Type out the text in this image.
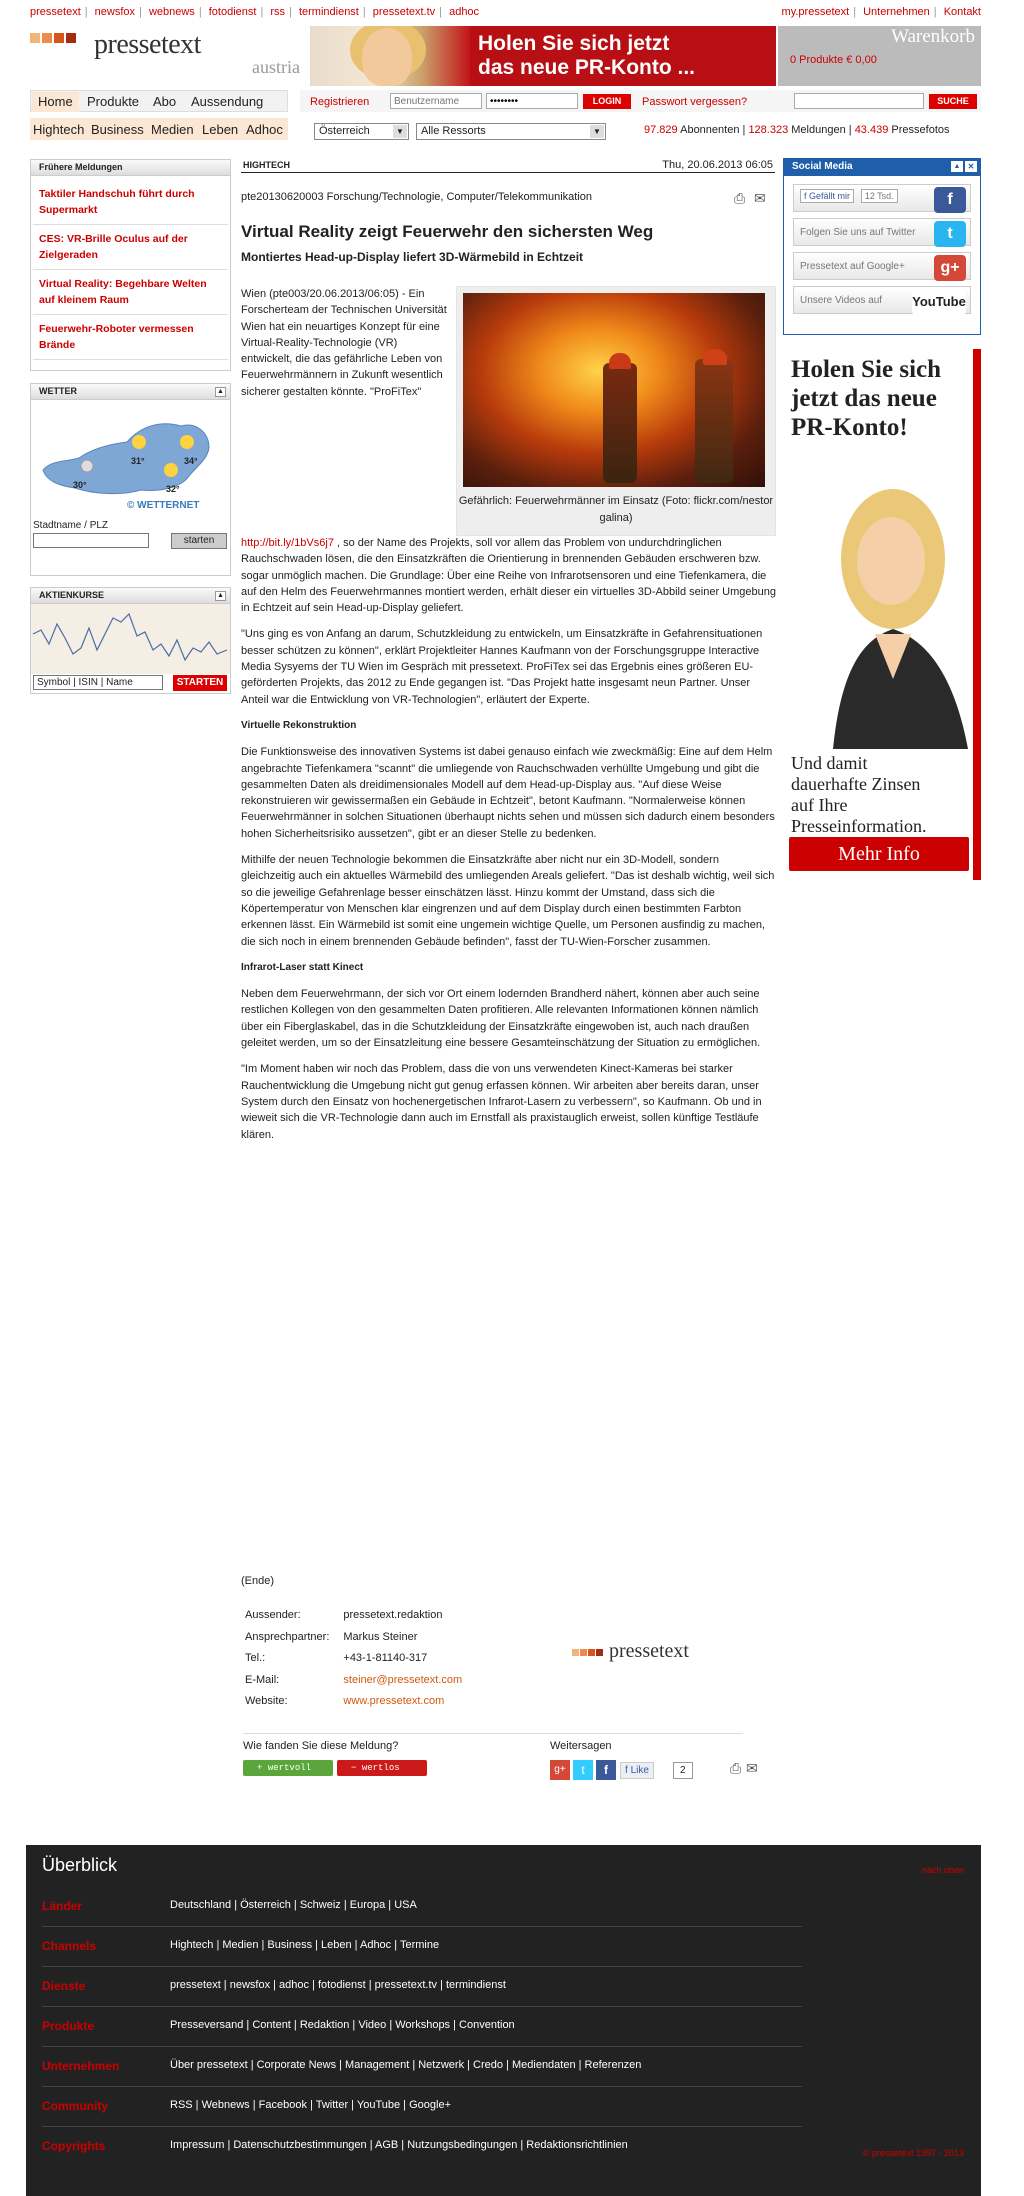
pressetext | newsfox | webnews | fotodienst | rss | termindienst | pressetext.tv | adhoc	my.pressetext | Unternehmen | Kontakt
pressetext
austria
Holen Sie sich jetzt
das neue PR-Konto ...
Warenkorb
0 Produkte € 0,00
Home	Produkte Abo Aussendung
Hightech Business Medien Leben Adhoc
Registrieren
Benutzername
••••••••	LOGIN	Passwort vergessen?	SUCHE
Österreich	▼	Alle Ressorts	▼	97.829 Abonnenten | 128.323 Meldungen | 43.439 Pressefotos
Frühere Meldungen
Taktiler Handschuh führt durch Supermarkt
CES: VR-Brille Oculus auf der Zielgeraden
Virtual Reality: Begehbare Welten auf kleinem Raum
Feuerwehr-Roboter vermessen Brände
WETTER	▲
31°	34°
30°	32°
© WETTERNET
Stadtname / PLZ
starten
AKTIENKURSE	▲
Symbol | ISIN | Name	STARTEN
HIGHTECH	Thu, 20.06.2013 06:05
pte20130620003 Forschung/Technologie, Computer/Telekommunikation	⎙ ✉
Virtual Reality zeigt Feuerwehr den sichersten Weg
Montiertes Head-up-Display liefert 3D-Wärmebild in Echtzeit
Gefährlich: Feuerwehrmänner im Einsatz (Foto: flickr.com/nestor galina)
Wien (pte003/20.06.2013/06:05) - Ein Forscherteam der Technischen Universität Wien hat ein neuartiges Konzept für eine Virtual-Reality-Technologie (VR) entwickelt, die das gefährliche Leben von Feuerwehrmännern in Zukunft wesentlich sicherer gestalten könnte. "ProFiTex"

http://bit.ly/1bVs6j7 , so der Name des Projekts, soll vor allem das Problem von undurchdringlichen Rauchschwaden lösen, die den Einsatzkräften die Orientierung in brennenden Gebäuden erschweren bzw. sogar unmöglich machen. Die Grundlage: Über eine Reihe von Infrarotsensoren und eine Tiefenkamera, die auf den Helm des Feuerwehrmannes montiert werden, erhält dieser ein virtuelles 3D-Abbild seiner Umgebung in Echtzeit auf sein Head-up-Display geliefert.

"Uns ging es von Anfang an darum, Schutzkleidung zu entwickeln, um Einsatzkräfte in Gefahrensituationen besser schützen zu können", erklärt Projektleiter Hannes Kaufmann von der Forschungsgruppe Interactive Media Sysyems der TU Wien im Gespräch mit pressetext. ProFiTex sei das Ergebnis eines größeren EU-geförderten Projekts, das 2012 zu Ende gegangen ist. "Das Projekt hatte insgesamt neun Partner. Unser Anteil war die Entwicklung von VR-Technologien", erläutert der Experte.

Virtuelle Rekonstruktion

Die Funktionsweise des innovativen Systems ist dabei genauso einfach wie zweckmäßig: Eine auf dem Helm angebrachte Tiefenkamera "scannt" die umliegende von Rauchschwaden verhüllte Umgebung und gibt die gesammelten Daten als dreidimensionales Modell auf dem Head-up-Display aus. "Auf diese Weise rekonstruieren wir gewissermaßen ein Gebäude in Echtzeit", betont Kaufmann. "Normalerweise können Feuerwehrmänner in solchen Situationen überhaupt nichts sehen und müssen sich dadurch einem besonders hohen Sicherheitsrisiko aussetzen", gibt er an dieser Stelle zu bedenken.

Mithilfe der neuen Technologie bekommen die Einsatzkräfte aber nicht nur ein 3D-Modell, sondern gleichzeitig auch ein aktuelles Wärmebild des umliegenden Areals geliefert. "Das ist deshalb wichtig, weil sich so die jeweilige Gefahrenlage besser einschätzen lässt. Hinzu kommt der Umstand, dass sich die Köpertemperatur von Menschen klar eingrenzen und auf dem Display durch einen bestimmten Farbton erkennen lässt. Ein Wärmebild ist somit eine ungemein wichtige Quelle, um Personen ausfindig zu machen, die sich noch in einem brennenden Gebäude befinden", fasst der TU-Wien-Forscher zusammen.

Infrarot-Laser statt Kinect

Neben dem Feuerwehrmann, der sich vor Ort einem lodernden Brandherd nähert, können aber auch seine restlichen Kollegen von den gesammelten Daten profitieren. Alle relevanten Informationen können nämlich über ein Fiberglaskabel, das in die Schutzkleidung der Einsatzkräfte eingewoben ist, auch nach draußen geleitet werden, um so der Einsatzleitung eine bessere Gesamteinschätzung der Situation zu ermöglichen.

"Im Moment haben wir noch das Problem, dass die von uns verwendeten Kinect-Kameras bei starker Rauchentwicklung die Umgebung nicht gut genug erfassen können. Wir arbeiten aber bereits daran, unser System durch den Einsatz von hochenergetischen Infrarot-Lasern zu verbessern", so Kaufmann. Ob und in wieweit sich die VR-Technologie dann auch im Ernstfall als praxistauglich erweist, sollen künftige Testläufe klären.

(Ende)
Aussender:	pressetext.redaktion
Ansprechpartner:	Markus Steiner
Tel.:	+43-1-81140-317
E-Mail:	steiner@pressetext.com
Website:	www.pressetext.com
pressetext
Wie fanden Sie diese Meldung?
+ wertvoll	− wertlos
Weitersagen
g+	t	f	f Like	2	⎙ ✉
Social Media	▲ ✕
f Gefällt mir 12 Tsd.	f
Folgen Sie uns auf Twitter	t
Pressetext auf Google+	g+
Unsere Videos auf YouTube
Holen Sie sich jetzt das neue PR-Konto!
Und damit dauerhafte Zinsen auf Ihre Presseinformation.
Mehr Info
Überblick	nach oben
Länder	Deutschland | Österreich | Schweiz | Europa | USA
Channels	Hightech | Medien | Business | Leben | Adhoc | Termine
Dienste	pressetext | newsfox | adhoc | fotodienst | pressetext.tv | termindienst
Produkte	Presseversand | Content | Redaktion | Video | Workshops | Convention
Unternehmen	Über pressetext | Corporate News | Management | Netzwerk | Credo | Mediendaten | Referenzen
Community	RSS | Webnews | Facebook | Twitter | YouTube | Google+
Copyrights	Impressum | Datenschutzbestimmungen | AGB | Nutzungsbedingungen | Redaktionsrichtlinien
© pressetext 1997 - 2013
